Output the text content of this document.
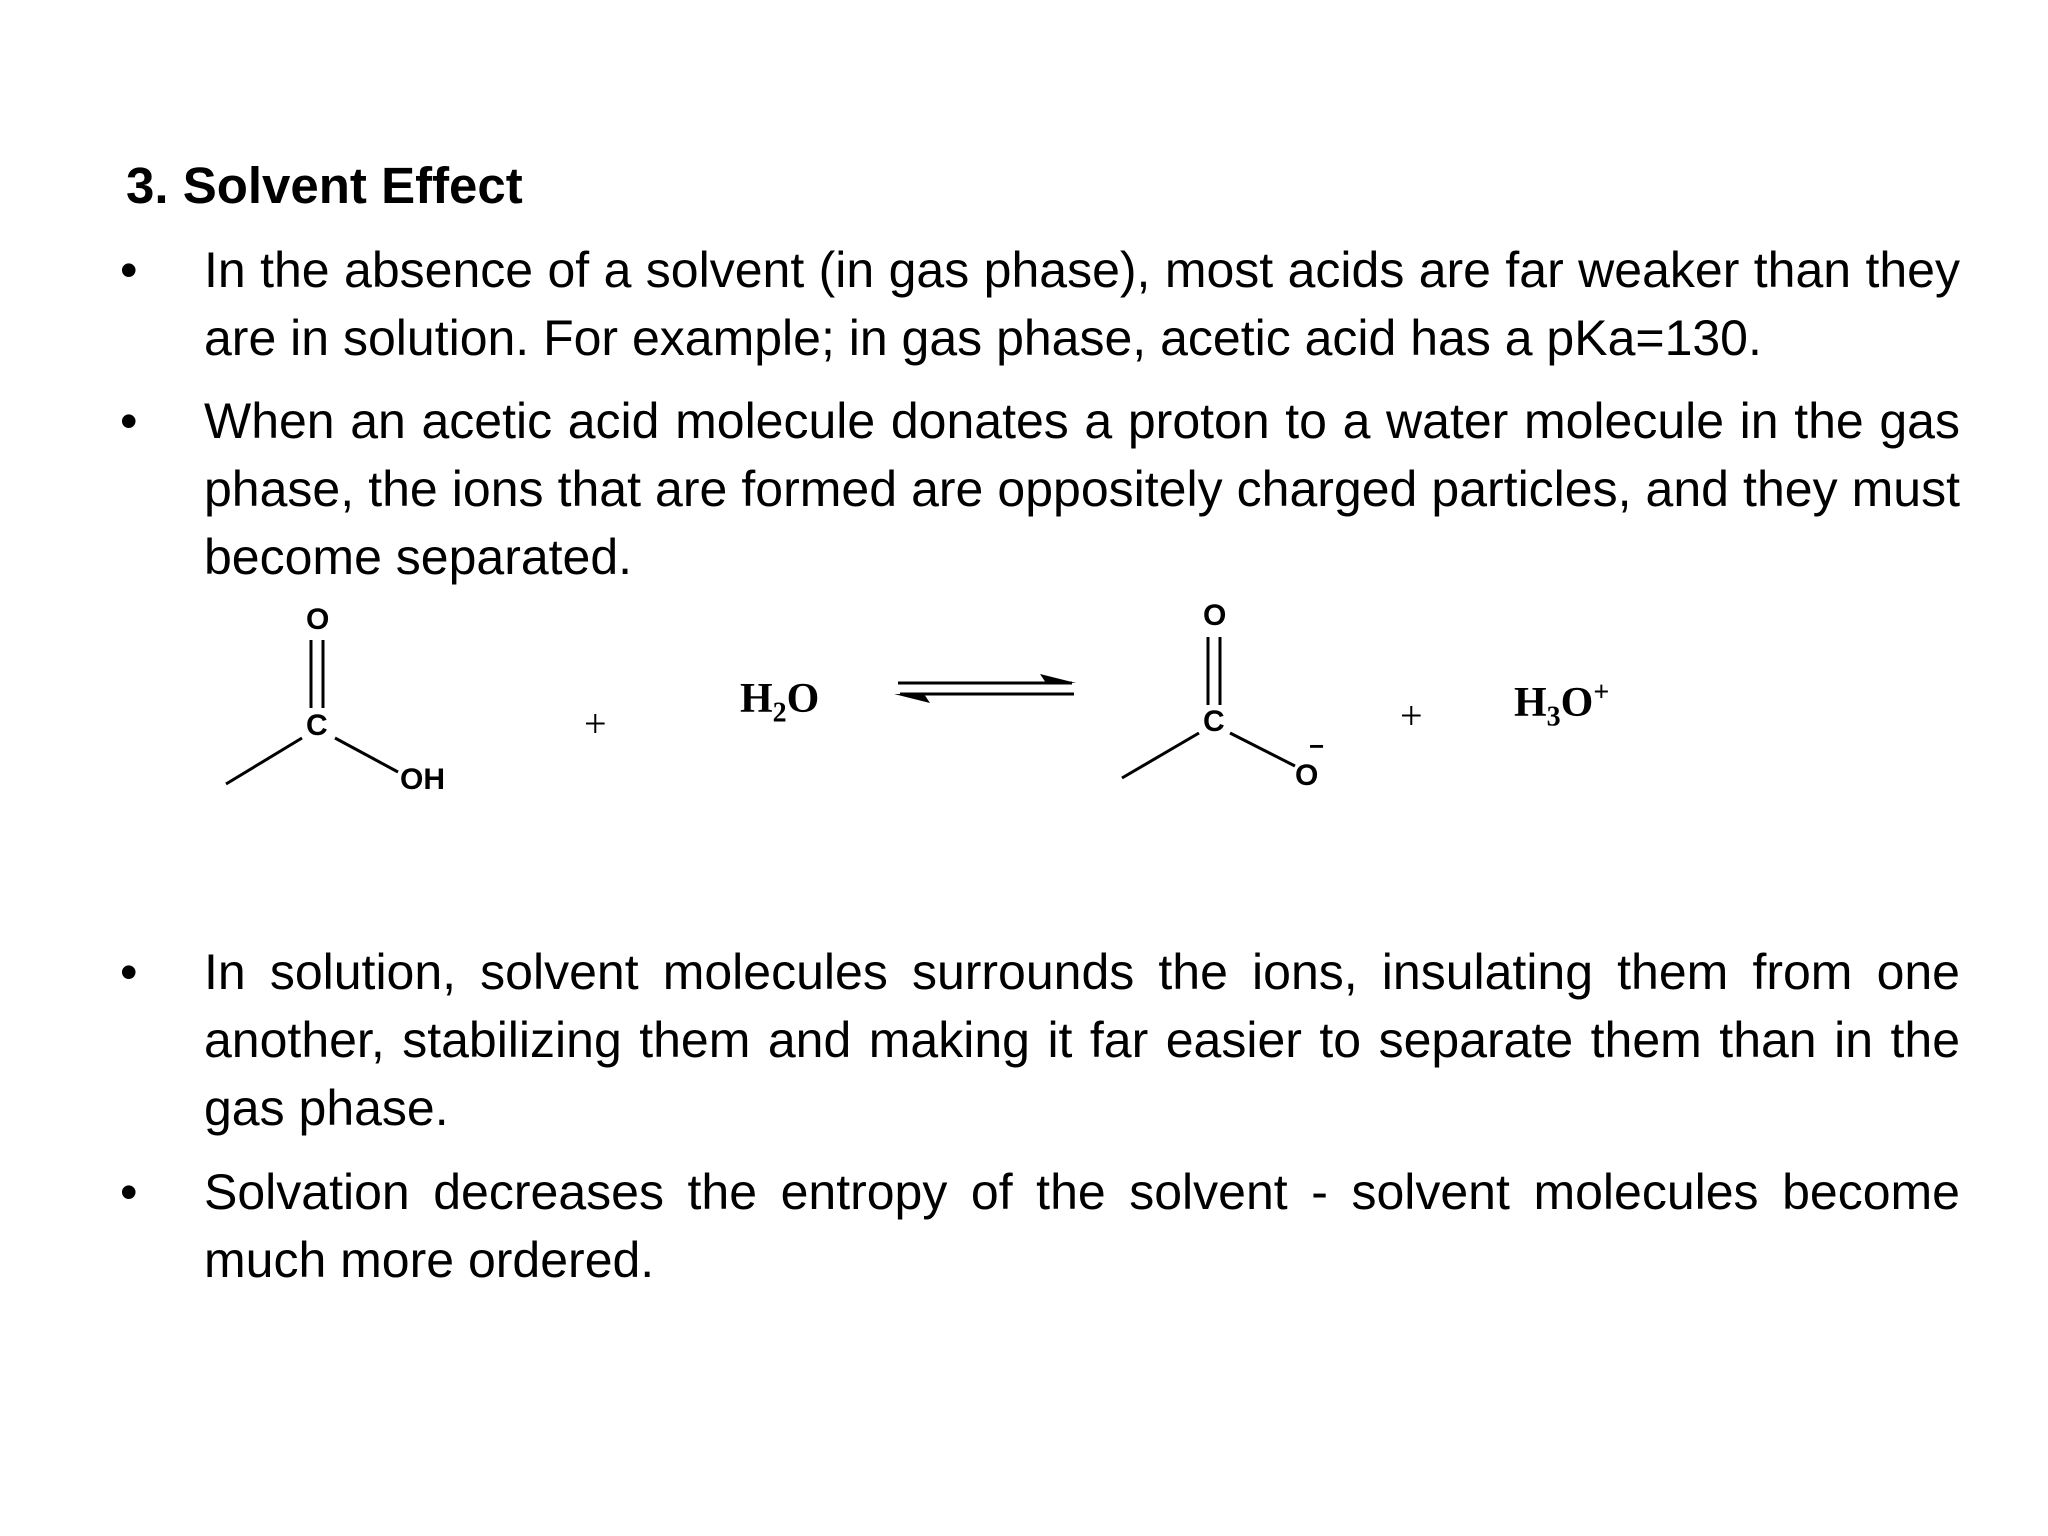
3. Solvent Effect
• In the absence of a solvent (in gas phase), most acids are far weaker than they are in solution. For example; in gas phase, acetic acid has a pKa=130.
• When an acetic acid molecule donates a proton to a water molecule in the gas phase, the ions that are formed are oppositely charged particles, and they must become separated.
• In solution, solvent molecules surrounds the ions, insulating them from one another, stabilizing them and making it far easier to separate them than in the gas phase.
• Solvation decreases the entropy of the solvent - solvent molecules become much more ordered.
O
C
OH
+
$H_2O$
O
C
O
−
+ $H_3O^+$
